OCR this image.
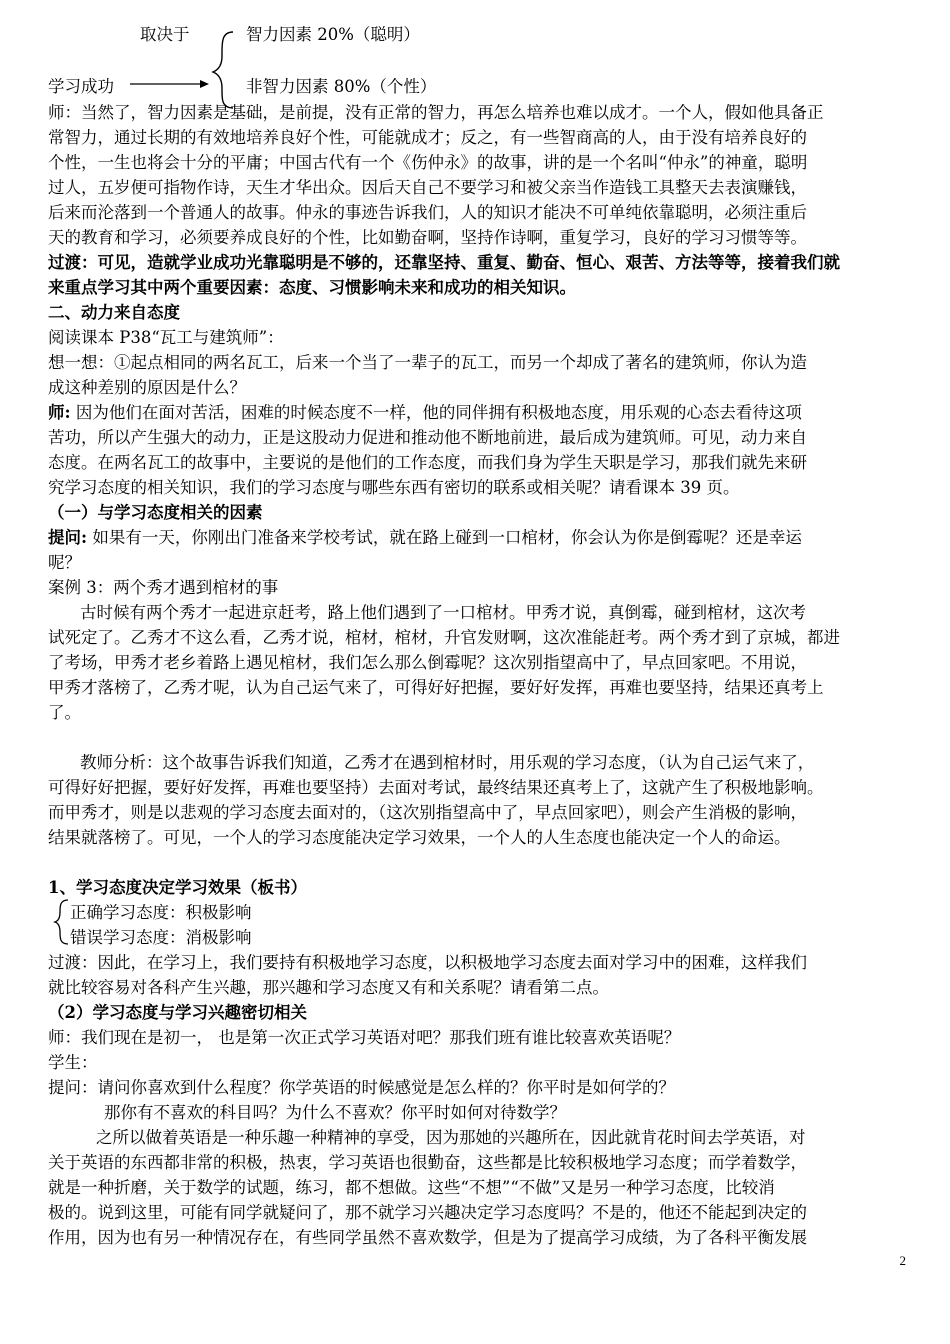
取决于
学习成功
智力因素 20%（聪明）
非智力因素 80%（个性）
师：当然了，智力因素是基础，是前提，没有正常的智力，再怎么培养也难以成才。一个人，假如他具备正
常智力，通过长期的有效地培养良好个性，可能就成才；反之，有一些智商高的人，由于没有培养良好的
个性，一生也将会十分的平庸；中国古代有一个《伤仲永》的故事，讲的是一个名叫“仲永”的神童，聪明
过人，五岁便可指物作诗，天生才华出众。因后天自己不要学习和被父亲当作造钱工具整天去表演赚钱，
后来而沦落到一个普通人的故事。仲永的事迹告诉我们，人的知识才能决不可单纯依靠聪明，必须注重后
天的教育和学习，必须要养成良好的个性，比如勤奋啊，坚持作诗啊，重复学习，良好的学习习惯等等。
过渡：可见，造就学业成功光靠聪明是不够的，还靠坚持、重复、勤奋、恒心、艰苦、方法等等，接着我们就
来重点学习其中两个重要因素：态度、习惯影响未来和成功的相关知识。
二、动力来自态度
阅读课本 P38“瓦工与建筑师”：
想一想：①起点相同的两名瓦工，后来一个当了一辈子的瓦工，而另一个却成了著名的建筑师，你认为造
成这种差别的原因是什么？
师: 因为他们在面对苦活，困难的时候态度不一样，他的同伴拥有积极地态度，用乐观的心态去看待这项
苦功，所以产生强大的动力，正是这股动力促进和推动他不断地前进，最后成为建筑师。可见，动力来自
态度。在两名瓦工的故事中，主要说的是他们的工作态度，而我们身为学生天职是学习，那我们就先来研
究学习态度的相关知识，我们的学习态度与哪些东西有密切的联系或相关呢？请看课本 39 页。
（一）与学习态度相关的因素
提问: 如果有一天，你刚出门准备来学校考试，就在路上碰到一口棺材，你会认为你是倒霉呢？还是幸运
呢？
案例 3：两个秀才遇到棺材的事
古时候有两个秀才一起进京赶考，路上他们遇到了一口棺材。甲秀才说，真倒霉，碰到棺材，这次考
试死定了。乙秀才不这么看，乙秀才说，棺材，棺材，升官发财啊，这次准能赶考。两个秀才到了京城，都进
了考场，甲秀才老乡着路上遇见棺材，我们怎么那么倒霉呢？这次别指望高中了，早点回家吧。不用说，
甲秀才落榜了，乙秀才呢，认为自己运气来了，可得好好把握，要好好发挥，再难也要坚持，结果还真考上
了。
教师分析：这个故事告诉我们知道，乙秀才在遇到棺材时，用乐观的学习态度，（认为自己运气来了，
可得好好把握，要好好发挥，再难也要坚持）去面对考试，最终结果还真考上了，这就产生了积极地影响。
而甲秀才，则是以悲观的学习态度去面对的，（这次别指望高中了，早点回家吧），则会产生消极的影响，
结果就落榜了。可见，一个人的学习态度能决定学习效果，一个人的人生态度也能决定一个人的命运。
1、学习态度决定学习效果（板书）
正确学习态度：积极影响
错误学习态度：消极影响
过渡：因此，在学习上，我们要持有积极地学习态度，以积极地学习态度去面对学习中的困难，这样我们
就比较容易对各科产生兴趣，那兴趣和学习态度又有和关系呢？请看第二点。
（2）学习态度与学习兴趣密切相关
师：我们现在是初一， 也是第一次正式学习英语对吧？那我们班有谁比较喜欢英语呢？
学生：
提问：请问你喜欢到什么程度？你学英语的时候感觉是怎么样的？你平时是如何学的？
那你有不喜欢的科目吗？为什么不喜欢？你平时如何对待数学？
之所以做着英语是一种乐趣一种精神的享受，因为那她的兴趣所在，因此就肯花时间去学英语，对
关于英语的东西都非常的积极，热衷，学习英语也很勤奋，这些都是比较积极地学习态度；而学着数学，
就是一种折磨，关于数学的试题，练习，都不想做。这些“不想”“不做”又是另一种学习态度，比较消
极的。说到这里，可能有同学就疑问了，那不就学习兴趣决定学习态度吗？不是的，他还不能起到决定的
作用，因为也有另一种情况存在，有些同学虽然不喜欢数学，但是为了提高学习成绩，为了各科平衡发展
2
